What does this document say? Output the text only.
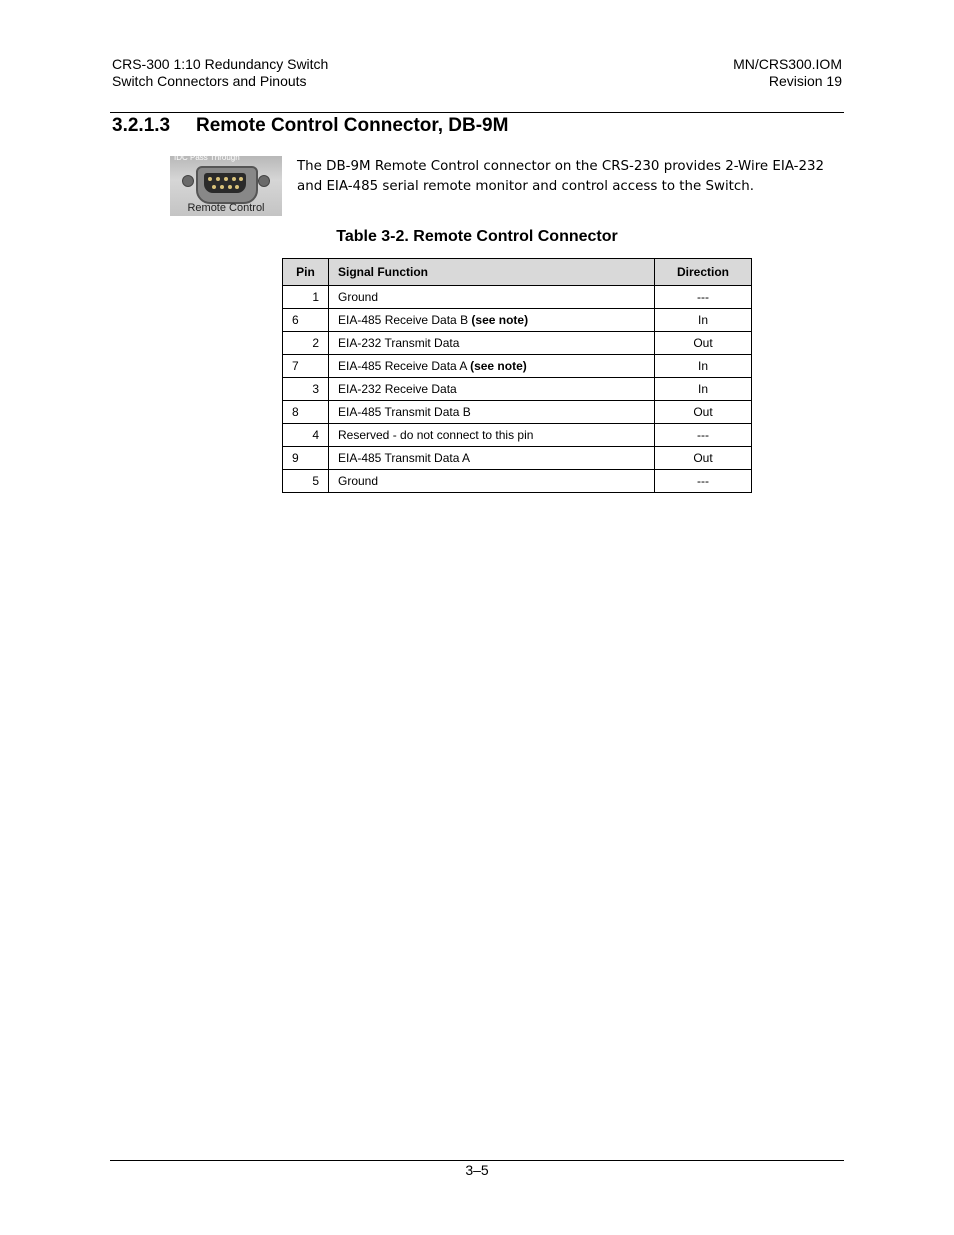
CRS-300 1:10 Redundancy Switch
Switch Connectors and Pinouts
MN/CRS300.IOM
Revision 19
3.2.1.3 Remote Control Connector, DB-9M
IDC Pass Through
Remote Control

The DB-9M Remote Control connector on the CRS-230 provides 2-Wire EIA-232 and EIA-485 serial remote monitor and control access to the Switch.

Table 3-2. Remote Control Connector

Pin	Signal Function	Direction
1	Ground	---
6	EIA-485 Receive Data B (see note)	In
2	EIA-232 Transmit Data	Out
7	EIA-485 Receive Data A (see note)	In
3	EIA-232 Receive Data	In
8	EIA-485 Transmit Data B	Out
4	Reserved - do not connect to this pin	---
9	EIA-485 Transmit Data A	Out
5	Ground	---
3–5
